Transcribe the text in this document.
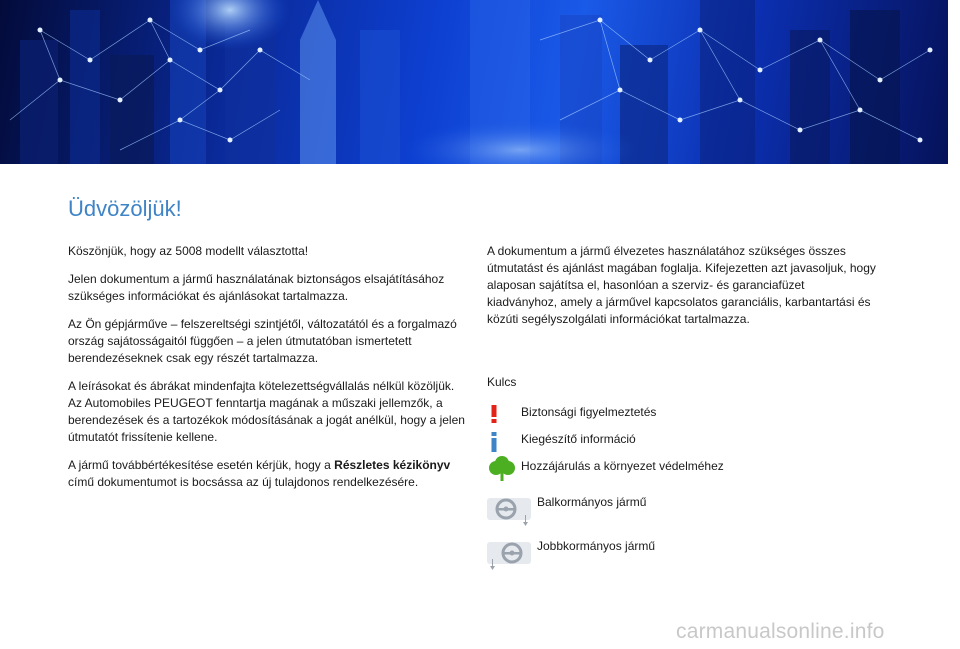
Üdvözöljük!

Köszönjük, hogy az 5008 modellt választotta!

Jelen dokumentum a jármű használatának biztonságos elsajátításához szükséges információkat és ajánlásokat tartalmazza.

Az Ön gépjárműve – felszereltségi szintjétől, változatától és a forgalmazó ország sajátosságaitól függően – a jelen útmutatóban ismertetett berendezéseknek csak egy részét tartalmazza.

A leírásokat és ábrákat mindenfajta kötelezettségvállalás nélkül közöljük.

Az Automobiles PEUGEOT fenntartja magának a műszaki jellemzők, a berendezések és a tartozékok módosításának a jogát anélkül, hogy a jelen útmutatót frissítenie kellene.

A jármű továbbértékesítése esetén kérjük, hogy a Részletes kézikönyv című dokumentumot is bocsássa az új tulajdonos rendelkezésére.

A dokumentum a jármű élvezetes használatához szükséges összes útmutatást és ajánlást magában foglalja. Kifejezetten azt javasoljuk, hogy alaposan sajátítsa el, hasonlóan a szerviz- és garanciafüzet kiadványhoz, amely a járművel kapcsolatos garanciális, karbantartási és közúti segélyszolgálati információkat tartalmazza.

Kulcs
Biztonsági figyelmeztetés
Kiegészítő információ
Hozzájárulás a környezet védelméhez
Balkormányos jármű
Jobbkormányos jármű
carmanualsonline.info
